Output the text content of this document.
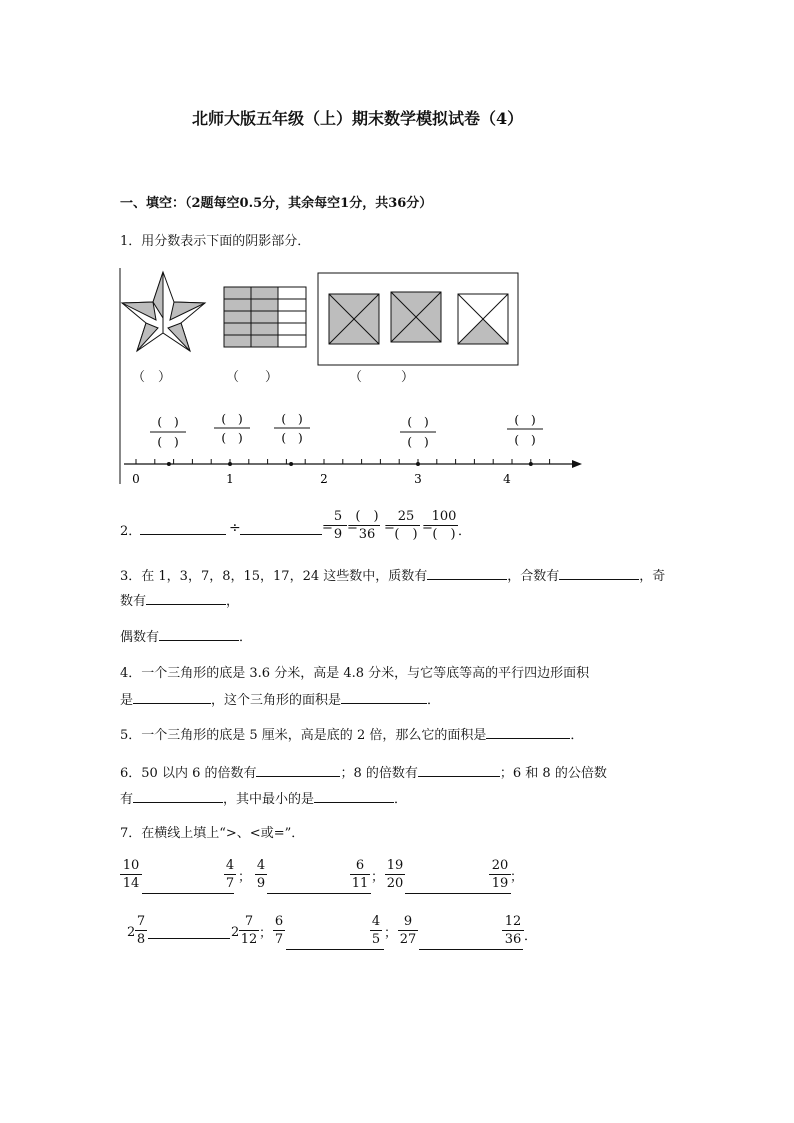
北师大版五年级（上）期末数学模拟试卷（4）
一、填空：（2题每空0.5分，其余每空1分，共36分）
1．用分数表示下面的阴影部分．
(　)
(　)
(　)
(　)
(　)
(　)
(　)
(　)
(　)
(　)
0	1	2	3	4
（　）	（　　）	（　　　）
2．	÷	=
5
9 =
(　)
36 =
25
(　) =
100
(　) ．
3．在 1，3，7，8，15，17，24 这些数中，质数有	，合数有	，奇
数有	，
偶数有	．
4．一个三角形的底是 3.6 分米，高是 4.8 分米，与它等底等高的平行四边形面积
是	，这个三角形的面积是	．
5．一个三角形的底是 5 厘米，高是底的 2 倍，那么它的面积是	．
6．50 以内 6 的倍数有	；8 的倍数有	；6 和 8 的公倍数
有	，其中最小的是	．
7．在横线上填上“>、<或=”．
10
14
4
7 ；
4
9
6
11 ；
19
20
20
19 ；
2
7
8	2
7
12 ；
6
7
4
5 ；
9
27
12
36 ．
